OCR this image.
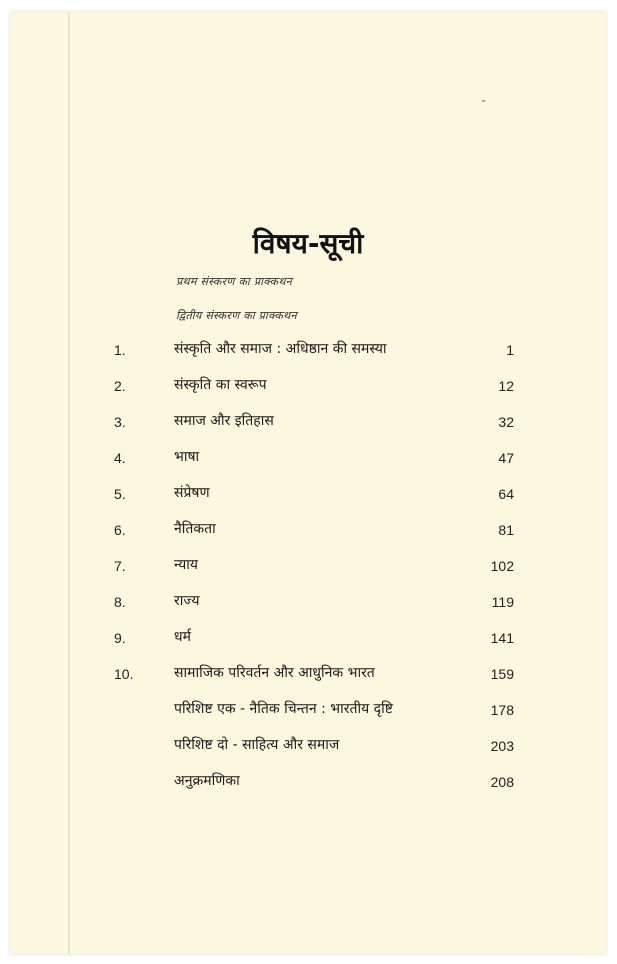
विषय-सूची
प्रथम संस्करण का प्राक्कथन
द्वितीय संस्करण का प्राक्कथन
1.	संस्कृति और समाज : अधिष्ठान की समस्या	1
2.	संस्कृति का स्वरूप	12
3.	समाज और इतिहास	32
4.	भाषा	47
5.	संप्रेषण	64
6.	नैतिकता	81
7.	न्याय	102
8.	राज्य	119
9.	धर्म	141
10.	सामाजिक परिवर्तन और आधुनिक भारत	159
परिशिष्ट एक - नैतिक चिन्तन : भारतीय दृष्टि	178
परिशिष्ट दो - साहित्य और समाज	203
अनुक्रमणिका	208
